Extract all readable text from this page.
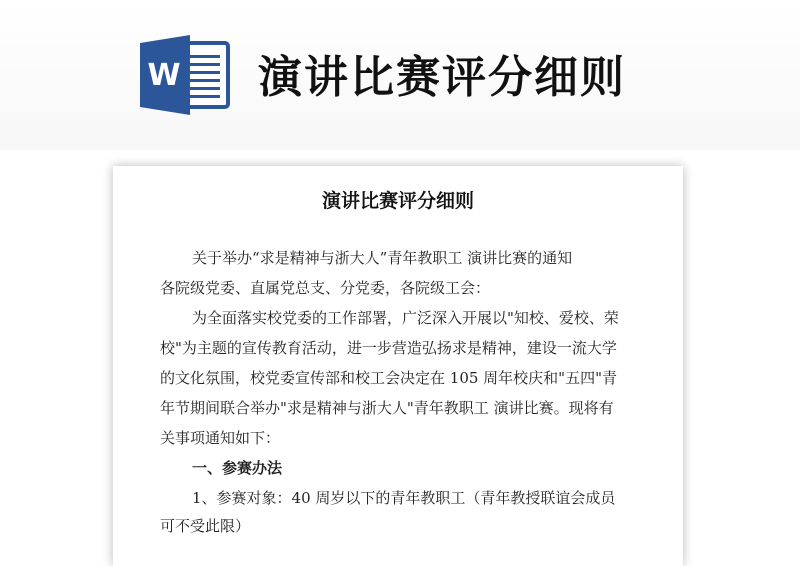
W 演讲比赛评分细则
演讲比赛评分细则
关于举办“求是精神与浙大人”青年教职工 演讲比赛的通知
各院级党委、直属党总支、分党委，各院级工会：
为全面落实校党委的工作部署，广泛深入开展以"知校、爱校、荣
校"为主题的宣传教育活动，进一步营造弘扬求是精神，建设一流大学
的文化氛围，校党委宣传部和校工会决定在 105 周年校庆和"五四"青
年节期间联合举办"求是精神与浙大人"青年教职工 演讲比赛。现将有
关事项通知如下：
一、参赛办法
1、参赛对象：40 周岁以下的青年教职工（青年教授联谊会成员
可不受此限）
